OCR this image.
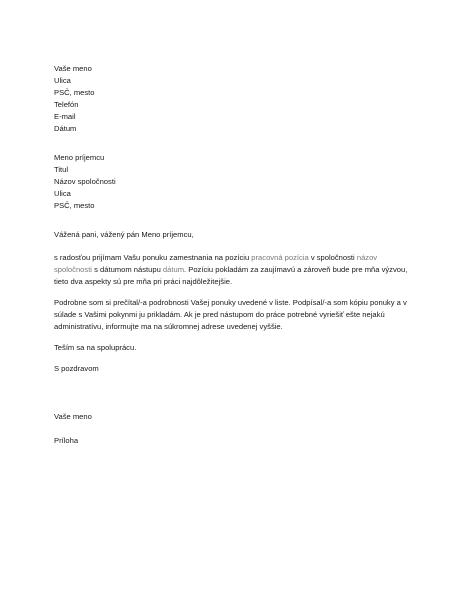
Vaše meno
Ulica
PSČ, mesto
Telefón
E-mail
Dátum
Meno príjemcu
Titul
Názov spoločnosti
Ulica
PSČ, mesto
Vážená pani, vážený pán Meno príjemcu,
s radosťou prijímam Vašu ponuku zamestnania na pozíciu pracovná pozícia v spoločnosti názov spoločnosti s dátumom nástupu dátum. Pozíciu pokladám za zaujímavú a zároveň bude pre mňa výzvou, tieto dva aspekty sú pre mňa pri práci najdôležitejšie.
Podrobne som si prečítal/-a podrobnosti Vašej ponuky uvedené v liste. Podpísal/-a som kópiu ponuky a v súlade s Vašimi pokynmi ju prikladám. Ak je pred nástupom do práce potrebné vyriešiť ešte nejakú administratívu, informujte ma na súkromnej adrese uvedenej vyššie.
Teším sa na spoluprácu.
S pozdravom
Vaše meno
Príloha
